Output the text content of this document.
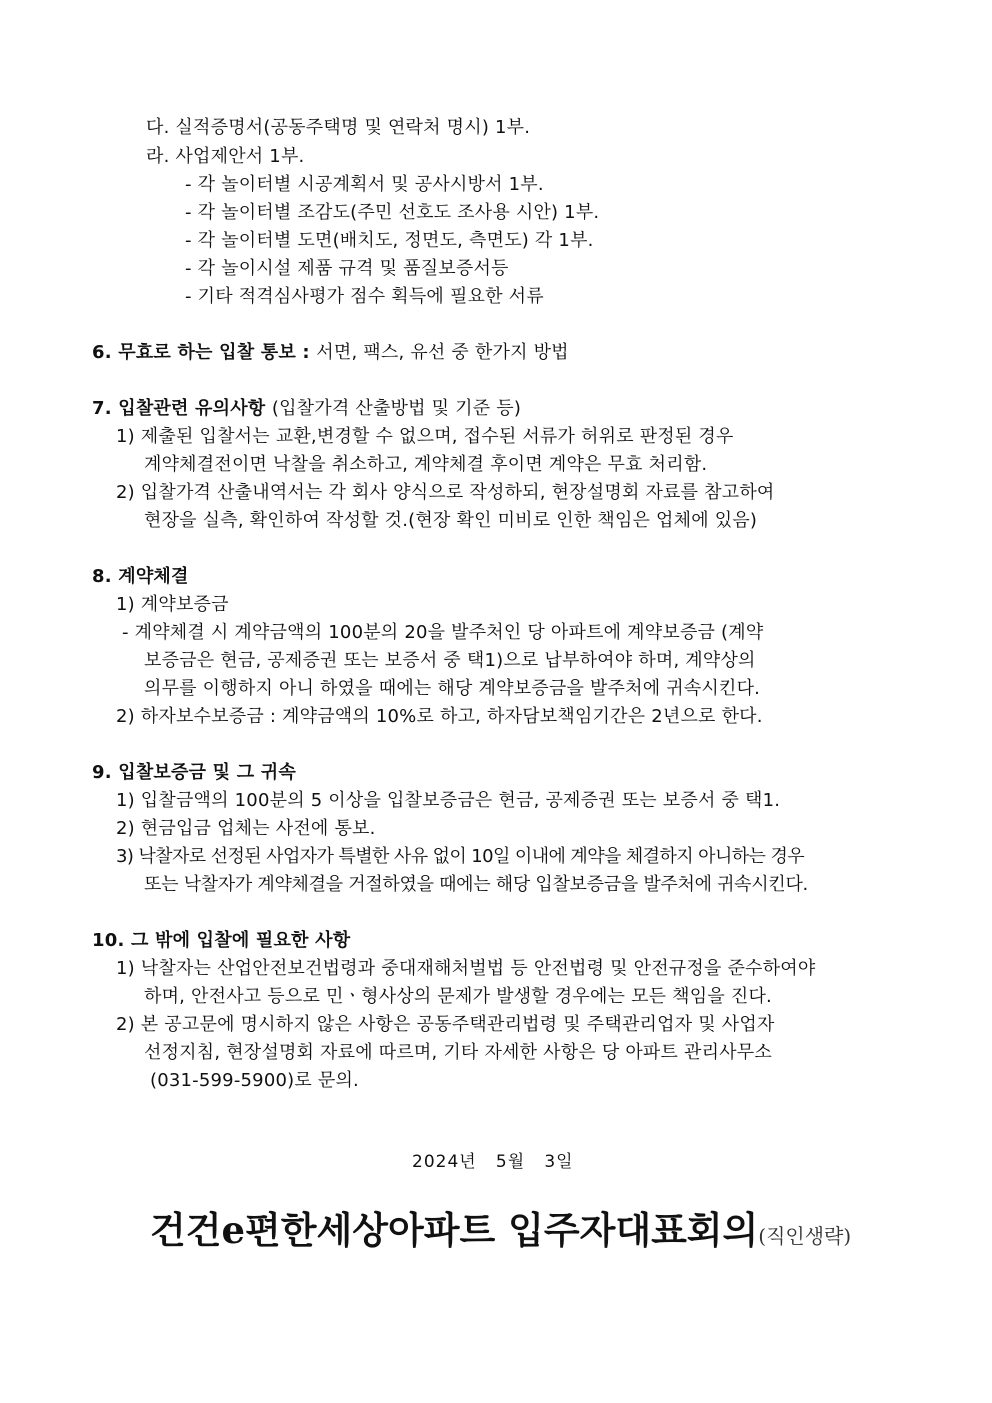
다. 실적증명서(공동주택명 및 연락처 명시) 1부.
라. 사업제안서 1부.
- 각 놀이터별 시공계획서 및 공사시방서 1부.
- 각 놀이터별 조감도(주민 선호도 조사용 시안) 1부.
- 각 놀이터별 도면(배치도, 정면도, 측면도) 각 1부.
- 각 놀이시설 제품 규격 및 품질보증서등
- 기타 적격심사평가 점수 획득에 필요한 서류
6. 무효로 하는 입찰 통보 : 서면, 팩스, 유선 중 한가지 방법
7. 입찰관련 유의사항 (입찰가격 산출방법 및 기준 등)
1) 제출된 입찰서는 교환,변경할 수 없으며, 접수된 서류가 허위로 판정된 경우
계약체결전이면 낙찰을 취소하고, 계약체결 후이면 계약은 무효 처리함.
2) 입찰가격 산출내역서는 각 회사 양식으로 작성하되, 현장설명회 자료를 참고하여
현장을 실측, 확인하여 작성할 것.(현장 확인 미비로 인한 책임은 업체에 있음)
8. 계약체결
1) 계약보증금
- 계약체결 시 계약금액의 100분의 20을 발주처인 당 아파트에 계약보증금 (계약
보증금은 현금, 공제증권 또는 보증서 중 택1)으로 납부하여야 하며, 계약상의
의무를 이행하지 아니 하였을 때에는 해당 계약보증금을 발주처에 귀속시킨다.
2) 하자보수보증금 : 계약금액의 10%로 하고, 하자담보책임기간은 2년으로 한다.
9. 입찰보증금 및 그 귀속
1) 입찰금액의 100분의 5 이상을 입찰보증금은 현금, 공제증권 또는 보증서 중 택1.
2) 현금입금 업체는 사전에 통보.
3) 낙찰자로 선정된 사업자가 특별한 사유 없이 10일 이내에 계약을 체결하지 아니하는 경우
또는 낙찰자가 계약체결을 거절하였을 때에는 해당 입찰보증금을 발주처에 귀속시킨다.
10. 그 밖에 입찰에 필요한 사항
1) 낙찰자는 산업안전보건법령과 중대재해처벌법 등 안전법령 및 안전규정을 준수하여야
하며, 안전사고 등으로 민ㆍ형사상의 문제가 발생할 경우에는 모든 책임을 진다.
2) 본 공고문에 명시하지 않은 사항은 공동주택관리법령 및 주택관리업자 및 사업자
선정지침, 현장설명회 자료에 따르며, 기타 자세한 사항은 당 아파트 관리사무소
(031-599-5900)로 문의.
2024년   5월   3일
건건e편한세상아파트 입주자대표회의(직인생략)
